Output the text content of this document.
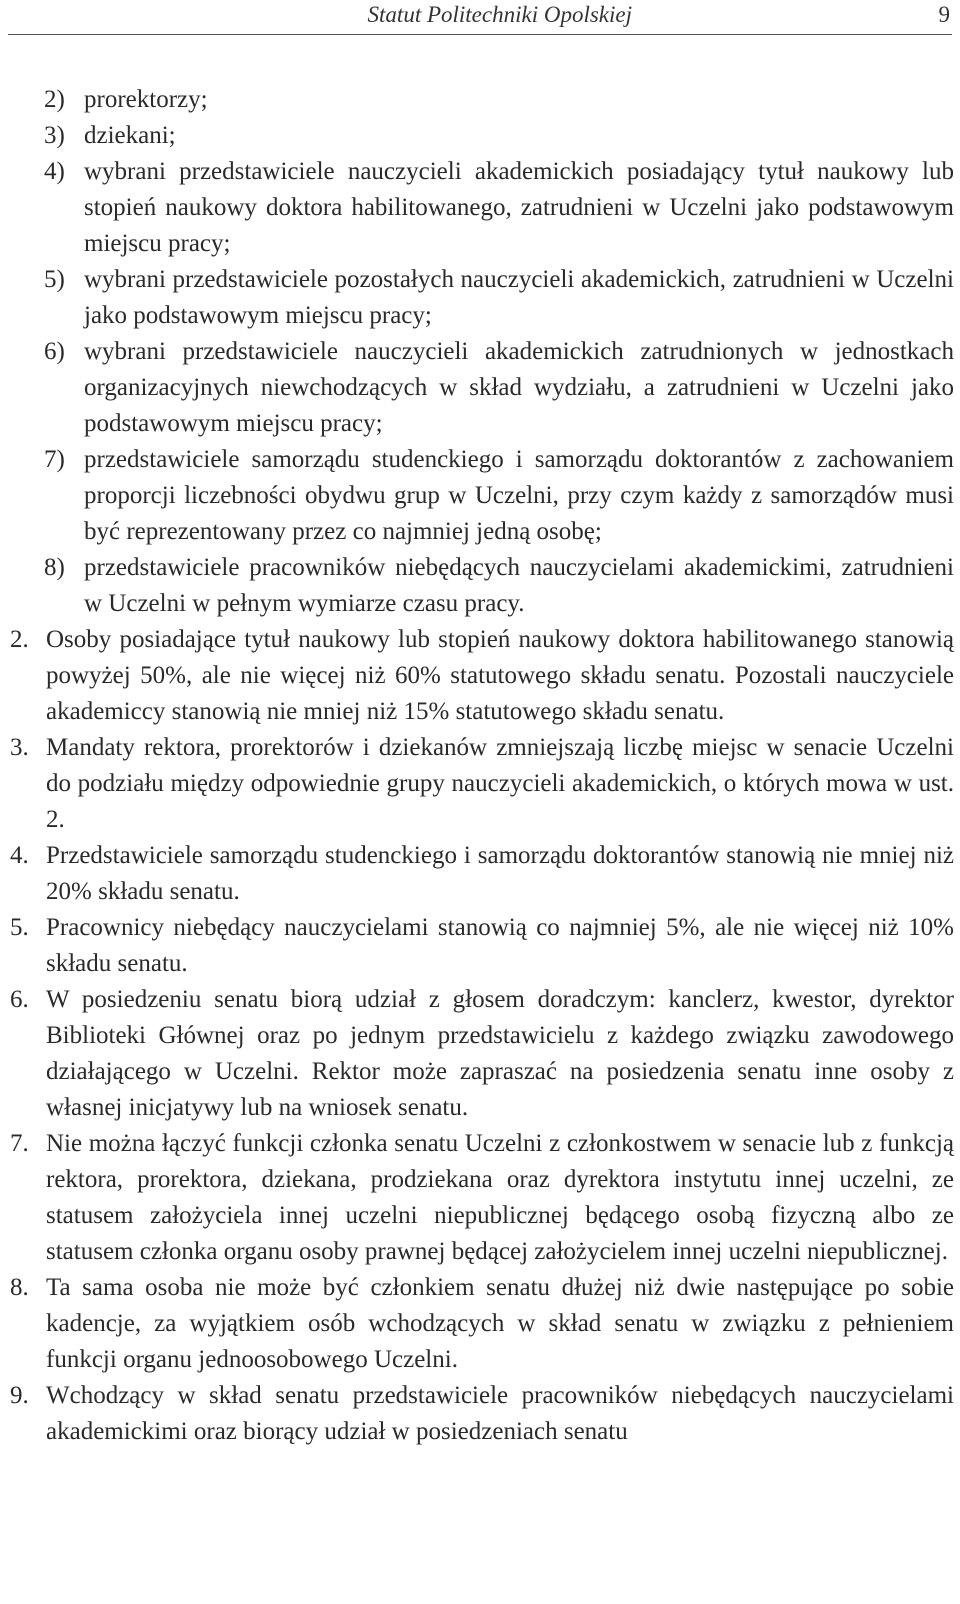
Statut Politechniki Opolskiej	9
2) prorektorzy;
3) dziekani;
4) wybrani przedstawiciele nauczycieli akademickich posiadający tytuł naukowy lub stopień naukowy doktora habilitowanego, zatrudnieni w Uczelni jako podstawowym miejscu pracy;
5) wybrani przedstawiciele pozostałych nauczycieli akademickich, zatrudnieni w Uczelni jako podstawowym miejscu pracy;
6) wybrani przedstawiciele nauczycieli akademickich zatrudnionych w jednostkach organizacyjnych niewchodzących w skład wydziału, a zatrudnieni w Uczelni jako podstawowym miejscu pracy;
7) przedstawiciele samorządu studenckiego i samorządu doktorantów z zachowaniem proporcji liczebności obydwu grup w Uczelni, przy czym każdy z samorządów musi być reprezentowany przez co najmniej jedną osobę;
8) przedstawiciele pracowników niebędących nauczycielami akademickimi, zatrudnieni w Uczelni w pełnym wymiarze czasu pracy.
2. Osoby posiadające tytuł naukowy lub stopień naukowy doktora habilitowanego stanowią powyżej 50%, ale nie więcej niż 60% statutowego składu senatu. Pozostali nauczyciele akademiccy stanowią nie mniej niż 15% statutowego składu senatu.
3. Mandaty rektora, prorektorów i dziekanów zmniejszają liczbę miejsc w senacie Uczelni do podziału między odpowiednie grupy nauczycieli akademickich, o których mowa w ust. 2.
4. Przedstawiciele samorządu studenckiego i samorządu doktorantów stanowią nie mniej niż 20% składu senatu.
5. Pracownicy niebędący nauczycielami stanowią co najmniej 5%, ale nie więcej niż 10% składu senatu.
6. W posiedzeniu senatu biorą udział z głosem doradczym: kanclerz, kwestor, dyrektor Biblioteki Głównej oraz po jednym przedstawicielu z każdego związku zawodowego działającego w Uczelni. Rektor może zapraszać na posiedzenia senatu inne osoby z własnej inicjatywy lub na wniosek senatu.
7. Nie można łączyć funkcji członka senatu Uczelni z członkostwem w senacie lub z funkcją rektora, prorektora, dziekana, prodziekana oraz dyrektora instytutu innej uczelni, ze statusem założyciela innej uczelni niepublicznej będącego osobą fizyczną albo ze statusem członka organu osoby prawnej będącej założycielem innej uczelni niepublicznej.
8. Ta sama osoba nie może być członkiem senatu dłużej niż dwie następujące po sobie kadencje, za wyjątkiem osób wchodzących w skład senatu w związku z pełnieniem funkcji organu jednoosobowego Uczelni.
9. Wchodzący w skład senatu przedstawiciele pracowników niebędących nauczycielami akademickimi oraz biorący udział w posiedzeniach senatu
